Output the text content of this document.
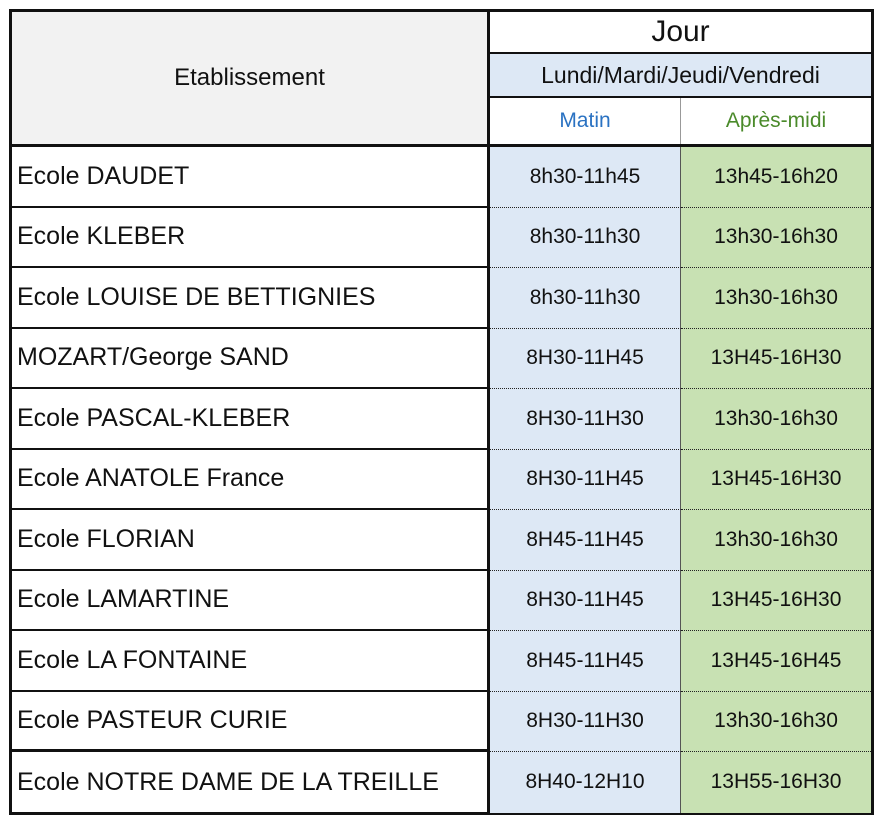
Etablissement
Jour
Lundi/Mardi/Jeudi/Vendredi
Matin	Après-midi
Ecole DAUDET	8h30-11h45	13h45-16h20
Ecole KLEBER	8h30-11h30	13h30-16h30
Ecole LOUISE DE BETTIGNIES	8h30-11h30	13h30-16h30
MOZART/George SAND	8H30-11H45	13H45-16H30
Ecole PASCAL-KLEBER	8H30-11H30	13h30-16h30
Ecole ANATOLE France	8H30-11H45	13H45-16H30
Ecole FLORIAN	8H45-11H45	13h30-16h30
Ecole LAMARTINE	8H30-11H45	13H45-16H30
Ecole LA FONTAINE	8H45-11H45	13H45-16H45
Ecole PASTEUR CURIE	8H30-11H30	13h30-16h30
Ecole NOTRE DAME DE LA TREILLE	8H40-12H10	13H55-16H30
